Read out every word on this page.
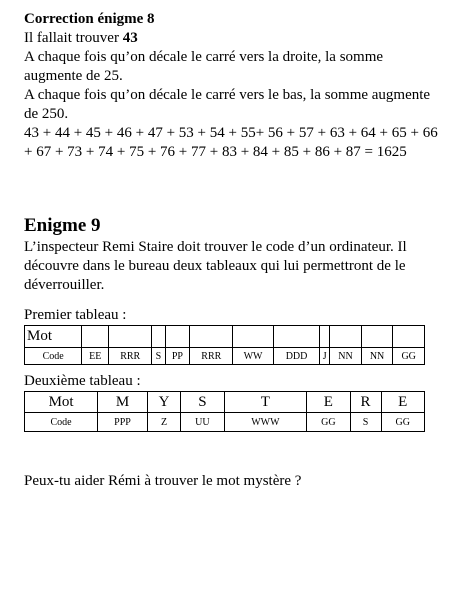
Correction énigme 8

Il fallait trouver 43

A chaque fois qu’on décale le carré vers la droite, la somme augmente de 25.

A chaque fois qu’on décale le carré vers le bas, la somme augmente de 250.

43 + 44 + 45 + 46 + 47 + 53 + 54 + 55+ 56 + 57 + 63 + 64 + 65 + 66 + 67 + 73 + 74 + 75 + 76 + 77 + 83 + 84 + 85 + 86 + 87 = 1625

Enigme 9

L’inspecteur Remi Staire doit trouver le code d’un ordinateur. Il découvre dans le bureau deux tableaux qui lui permettront de le déverrouiller.

Premier tableau :

Mot											
Code	EE	RRR	S	PP	RRR	WW	DDD	J	NN	NN	GG

Deuxième tableau :

Mot	M	Y	S	T	E	R	E
Code	PPP	Z	UU	WWW	GG	S	GG

Peux-tu aider Rémi à trouver le mot mystère ?
